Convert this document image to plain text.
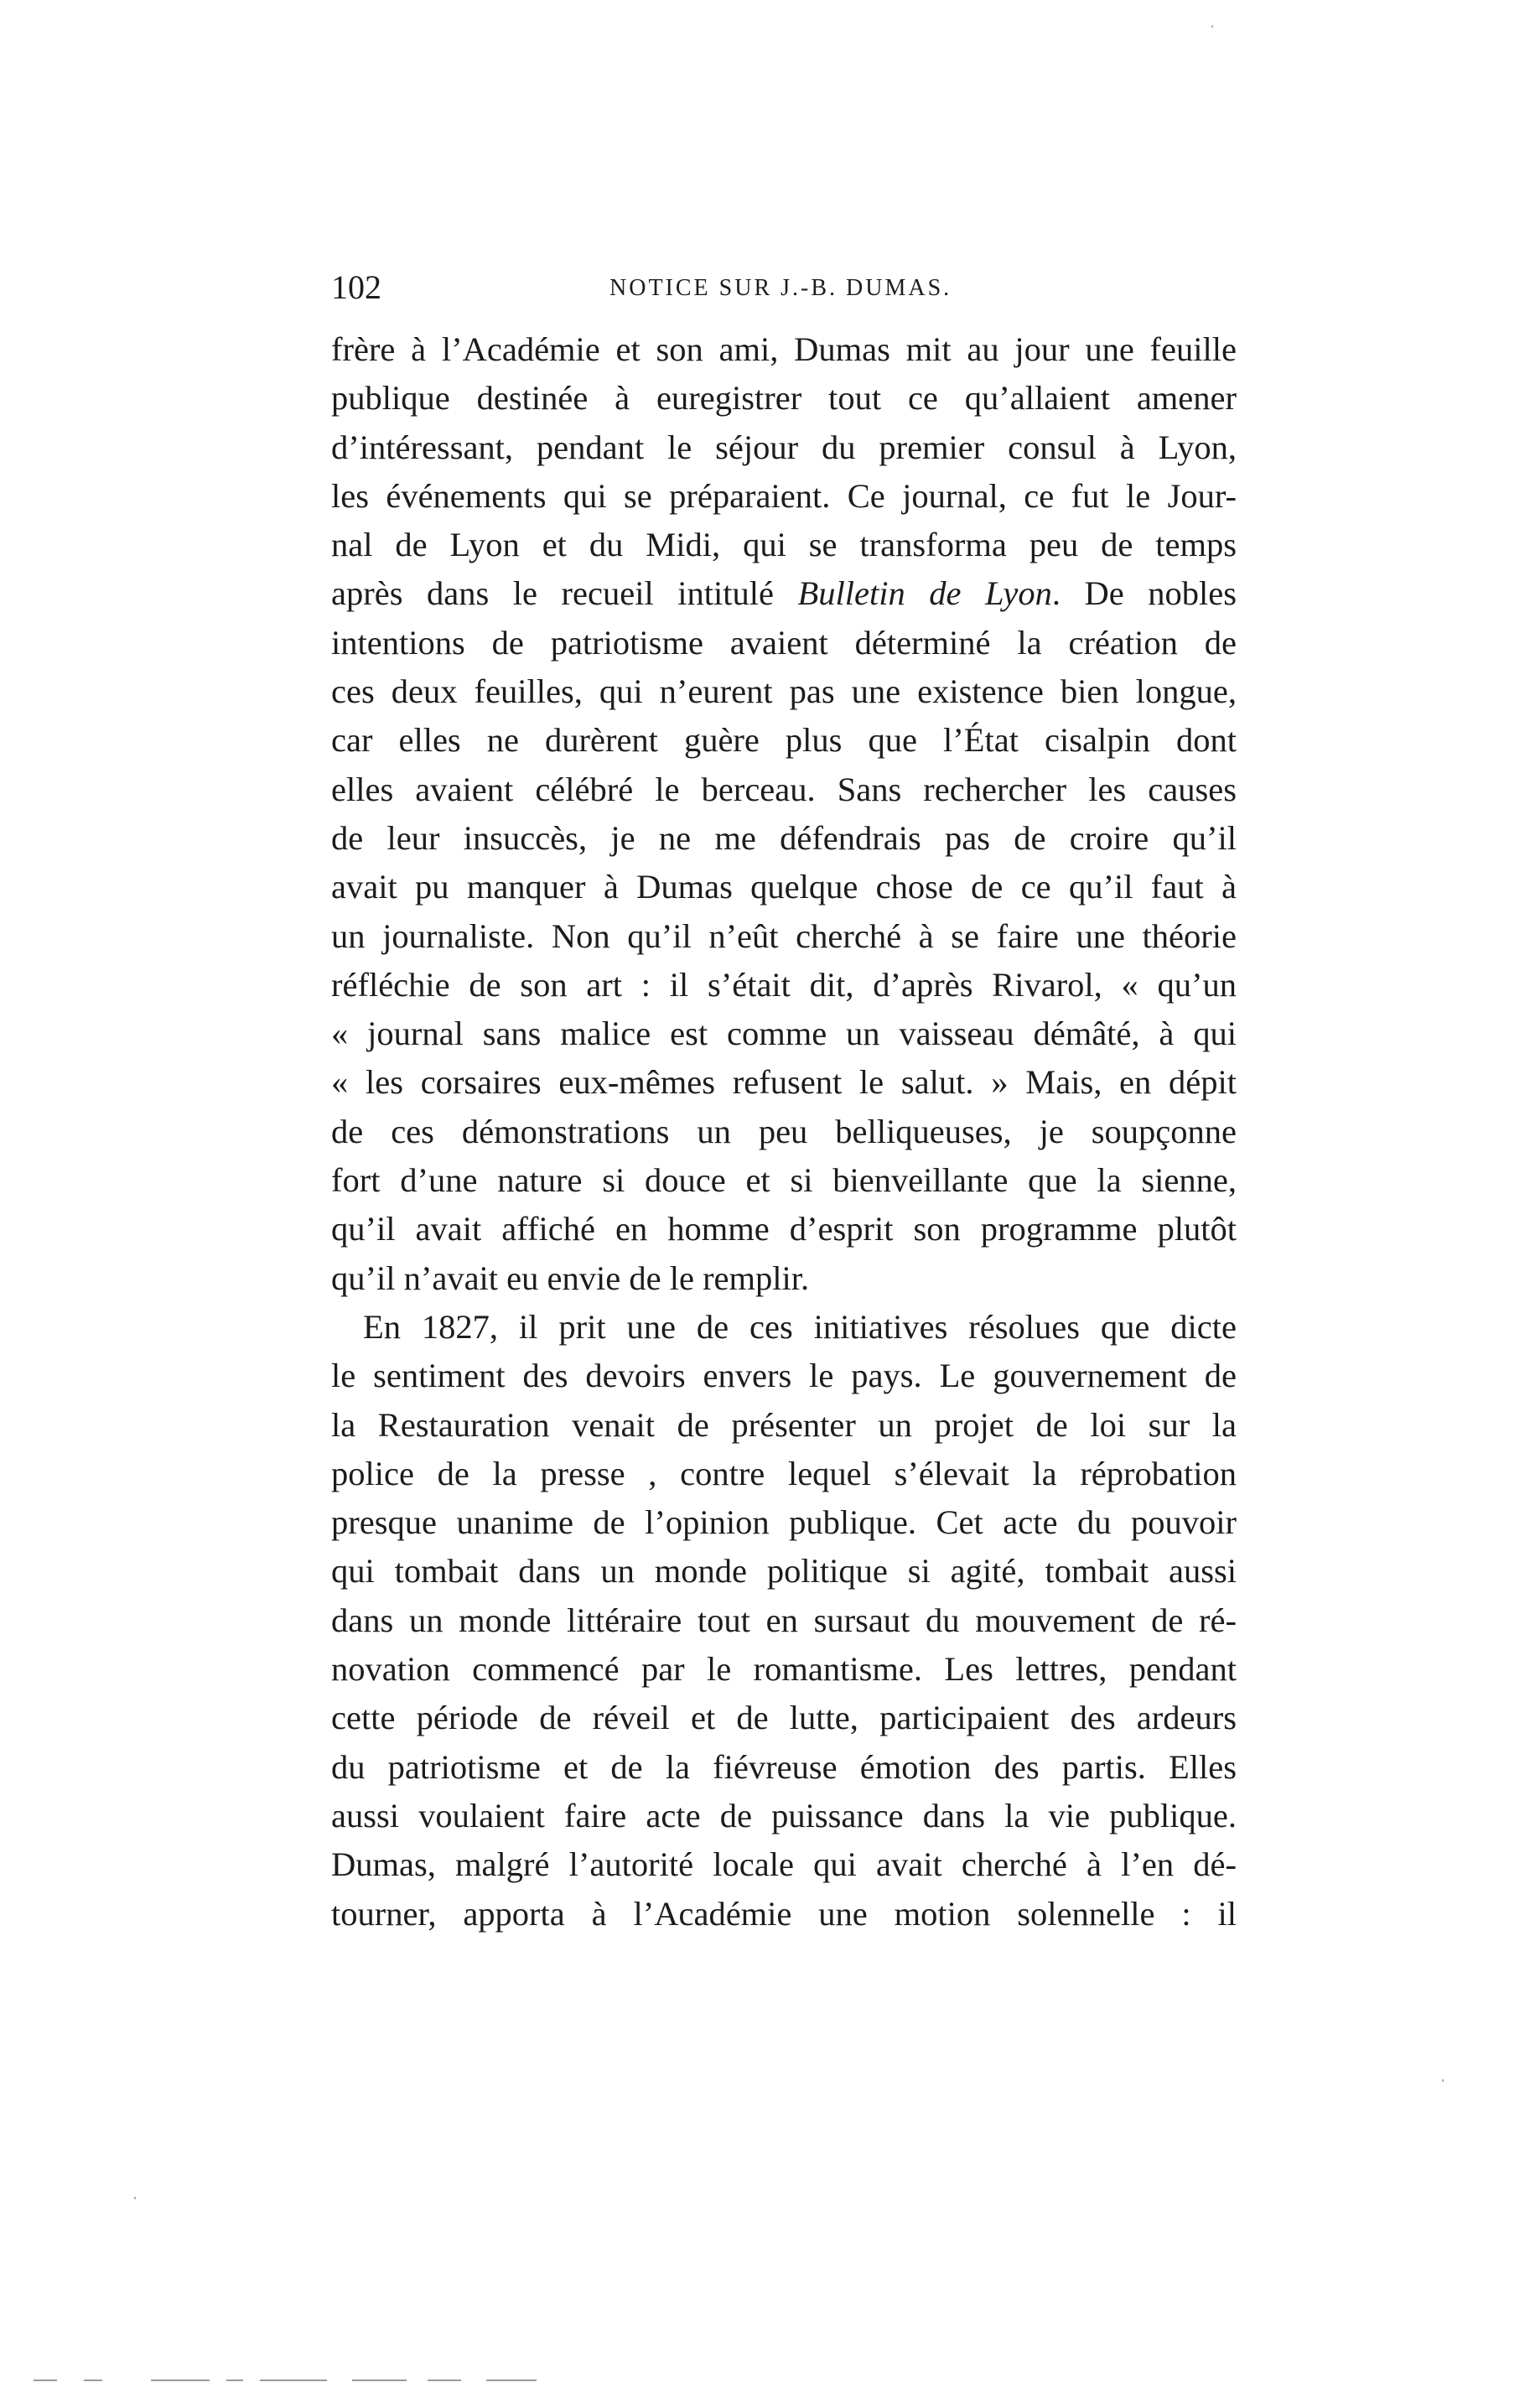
102	NOTICE SUR J.-B. DUMAS.
frère à l’Académie et son ami, Dumas mit au jour une feuille
publique destinée à euregistrer tout ce qu’allaient amener
d’intéressant, pendant le séjour du premier consul à Lyon,
les événements qui se préparaient. Ce journal, ce fut le Jour-
nal de Lyon et du Midi, qui se transforma peu de temps
après dans le recueil intitulé Bulletin de Lyon. De nobles
intentions de patriotisme avaient déterminé la création de
ces deux feuilles, qui n’eurent pas une existence bien longue,
car elles ne durèrent guère plus que l’État cisalpin dont
elles avaient célébré le berceau. Sans rechercher les causes
de leur insuccès, je ne me défendrais pas de croire qu’il
avait pu manquer à Dumas quelque chose de ce qu’il faut à
un journaliste. Non qu’il n’eût cherché à se faire une théorie
réfléchie de son art : il s’était dit, d’après Rivarol, « qu’un
« journal sans malice est comme un vaisseau démâté, à qui
« les corsaires eux-mêmes refusent le salut. » Mais, en dépit
de ces démonstrations un peu belliqueuses, je soupçonne
fort d’une nature si douce et si bienveillante que la sienne,
qu’il avait affiché en homme d’esprit son programme plutôt
qu’il n’avait eu envie de le remplir.
En 1827, il prit une de ces initiatives résolues que dicte
le sentiment des devoirs envers le pays. Le gouvernement de
la Restauration venait de présenter un projet de loi sur la
police de la presse , contre lequel s’élevait la réprobation
presque unanime de l’opinion publique. Cet acte du pouvoir
qui tombait dans un monde politique si agité, tombait aussi
dans un monde littéraire tout en sursaut du mouvement de ré-
novation commencé par le romantisme. Les lettres, pendant
cette période de réveil et de lutte, participaient des ardeurs
du patriotisme et de la fiévreuse émotion des partis. Elles
aussi voulaient faire acte de puissance dans la vie publique.
Dumas, malgré l’autorité locale qui avait cherché à l’en dé-
tourner, apporta à l’Académie une motion solennelle : il
